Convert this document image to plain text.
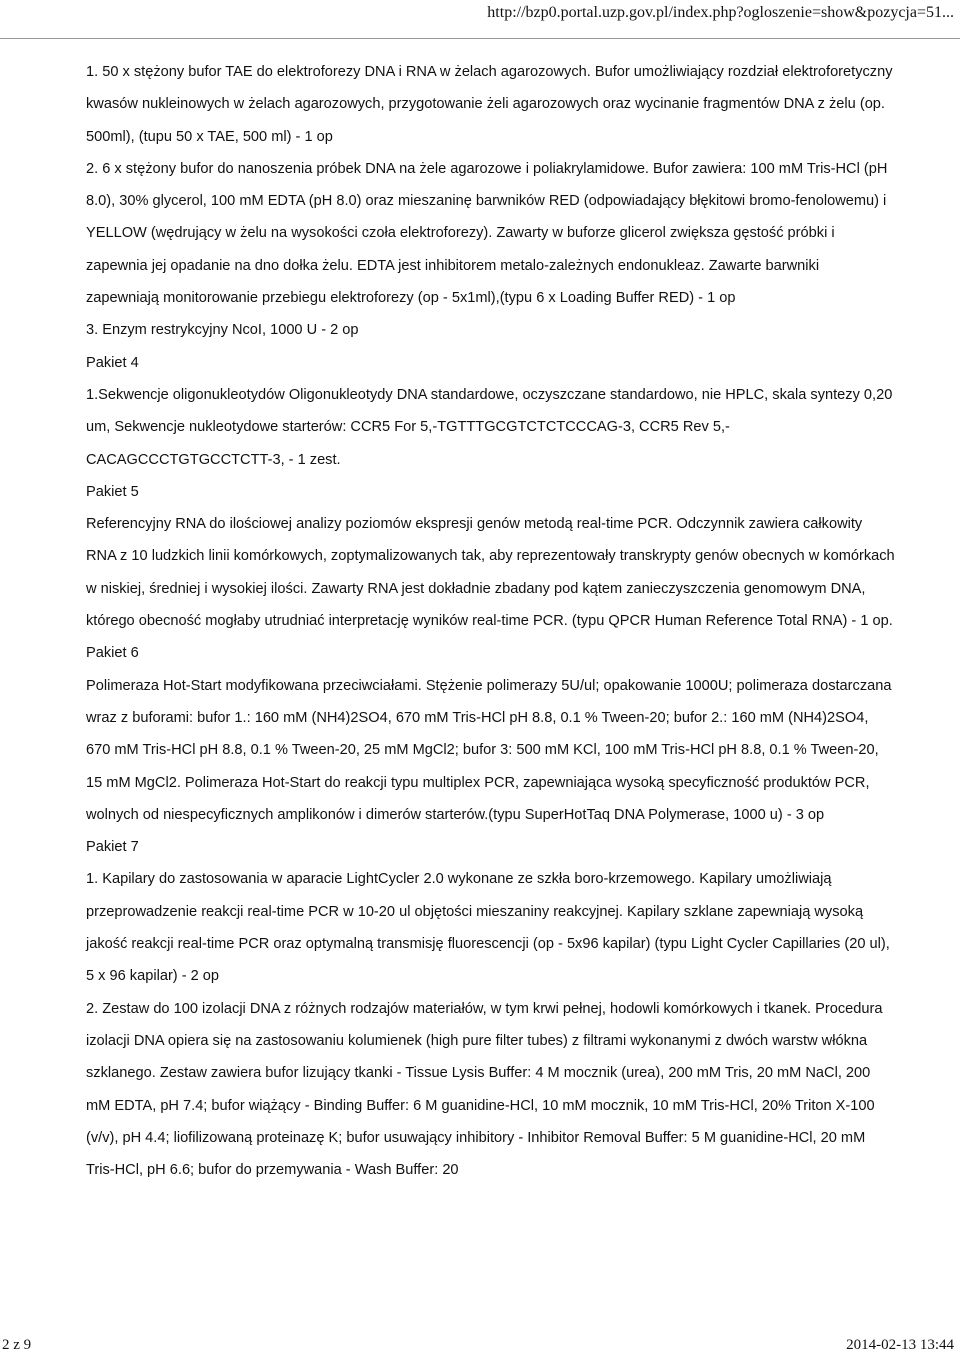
http://bzp0.portal.uzp.gov.pl/index.php?ogloszenie=show&pozycja=51...

1. 50 x stężony bufor TAE do elektroforezy DNA i RNA w żelach agarozowych. Bufor umożliwiający rozdział elektroforetyczny kwasów nukleinowych w żelach agarozowych, przygotowanie żeli agarozowych oraz wycinanie fragmentów DNA z żelu (op. 500ml), (tupu 50 x TAE, 500 ml) - 1 op

2. 6 x stężony bufor do nanoszenia próbek DNA na żele agarozowe i poliakrylamidowe. Bufor zawiera: 100 mM Tris-HCl (pH 8.0), 30% glycerol, 100 mM EDTA (pH 8.0) oraz mieszaninę barwników RED (odpowiadający błękitowi bromo-fenolowemu) i YELLOW (wędrujący w żelu na wysokości czoła elektroforezy). Zawarty w buforze glicerol zwiększa gęstość próbki i zapewnia jej opadanie na dno dołka żelu. EDTA jest inhibitorem metalo-zależnych endonukleaz. Zawarte barwniki zapewniają monitorowanie przebiegu elektroforezy (op - 5x1ml),(typu 6 x Loading Buffer RED) - 1 op

3. Enzym restrykcyjny NcoI, 1000 U - 2 op

Pakiet 4

1.Sekwencje oligonukleotydów Oligonukleotydy DNA standardowe, oczyszczane standardowo, nie HPLC, skala syntezy 0,20 um, Sekwencje nukleotydowe starterów: CCR5 For 5,-TGTTTGCGTCTCTCCCAG-3, CCR5 Rev 5,-CACAGCCCTGTGCCTCTT-3, - 1 zest.

Pakiet 5

Referencyjny RNA do ilościowej analizy poziomów ekspresji genów metodą real-time PCR. Odczynnik zawiera całkowity RNA z 10 ludzkich linii komórkowych, zoptymalizowanych tak, aby reprezentowały transkrypty genów obecnych w komórkach w niskiej, średniej i wysokiej ilości. Zawarty RNA jest dokładnie zbadany pod kątem zanieczyszczenia genomowym DNA, którego obecność mogłaby utrudniać interpretację wyników real-time PCR. (typu QPCR Human Reference Total RNA) - 1 op.

Pakiet 6

Polimeraza Hot-Start modyfikowana przeciwciałami. Stężenie polimerazy 5U/ul; opakowanie 1000U; polimeraza dostarczana wraz z buforami: bufor 1.: 160 mM (NH4)2SO4, 670 mM Tris-HCl pH 8.8, 0.1 % Tween-20; bufor 2.: 160 mM (NH4)2SO4, 670 mM Tris-HCl pH 8.8, 0.1 % Tween-20, 25 mM MgCl2; bufor 3: 500 mM KCl, 100 mM Tris-HCl pH 8.8, 0.1 % Tween-20, 15 mM MgCl2. Polimeraza Hot-Start do reakcji typu multiplex PCR, zapewniająca wysoką specyficzność produktów PCR, wolnych od niespecyficznych amplikonów i dimerów starterów.(typu SuperHotTaq DNA Polymerase, 1000 u) - 3 op

Pakiet 7

1. Kapilary do zastosowania w aparacie LightCycler 2.0 wykonane ze szkła boro-krzemowego. Kapilary umożliwiają przeprowadzenie reakcji real-time PCR w 10-20 ul objętości mieszaniny reakcyjnej. Kapilary szklane zapewniają wysoką jakość reakcji real-time PCR oraz optymalną transmisję fluorescencji (op - 5x96 kapilar) (typu Light Cycler Capillaries (20 ul), 5 x 96 kapilar) - 2 op

2. Zestaw do 100 izolacji DNA z różnych rodzajów materiałów, w tym krwi pełnej, hodowli komórkowych i tkanek. Procedura izolacji DNA opiera się na zastosowaniu kolumienek (high pure filter tubes) z filtrami wykonanymi z dwóch warstw włókna szklanego. Zestaw zawiera bufor lizujący tkanki - Tissue Lysis Buffer: 4 M mocznik (urea), 200 mM Tris, 20 mM NaCl, 200 mM EDTA, pH 7.4; bufor wiążący - Binding Buffer: 6 M guanidine-HCl, 10 mM mocznik, 10 mM Tris-HCl, 20% Triton X-100 (v/v), pH 4.4; liofilizowaną proteinazę K; bufor usuwający inhibitory - Inhibitor Removal Buffer: 5 M guanidine-HCl, 20 mM Tris-HCl, pH 6.6; bufor do przemywania - Wash Buffer: 20

2 z 9	2014-02-13 13:44
